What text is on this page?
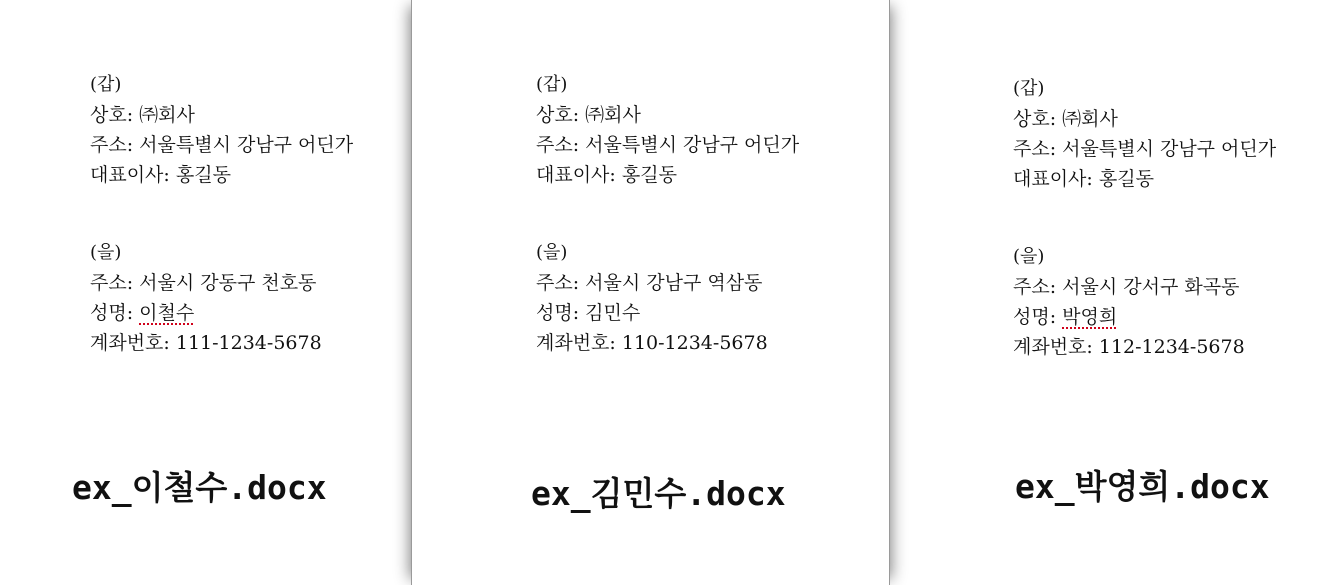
(갑)
상호: ㈜회사
주소: 서울특별시 강남구 어딘가
대표이사: 홍길동
(을)
주소: 서울시 강동구 천호동
성명: 이철수
계좌번호: 111-1234-5678
ex_이철수.docx
(갑)
상호: ㈜회사
주소: 서울특별시 강남구 어딘가
대표이사: 홍길동
(을)
주소: 서울시 강남구 역삼동
성명: 김민수
계좌번호: 110-1234-5678
ex_김민수.docx
(갑)
상호: ㈜회사
주소: 서울특별시 강남구 어딘가
대표이사: 홍길동
(을)
주소: 서울시 강서구 화곡동
성명: 박영희
계좌번호: 112-1234-5678
ex_박영희.docx
